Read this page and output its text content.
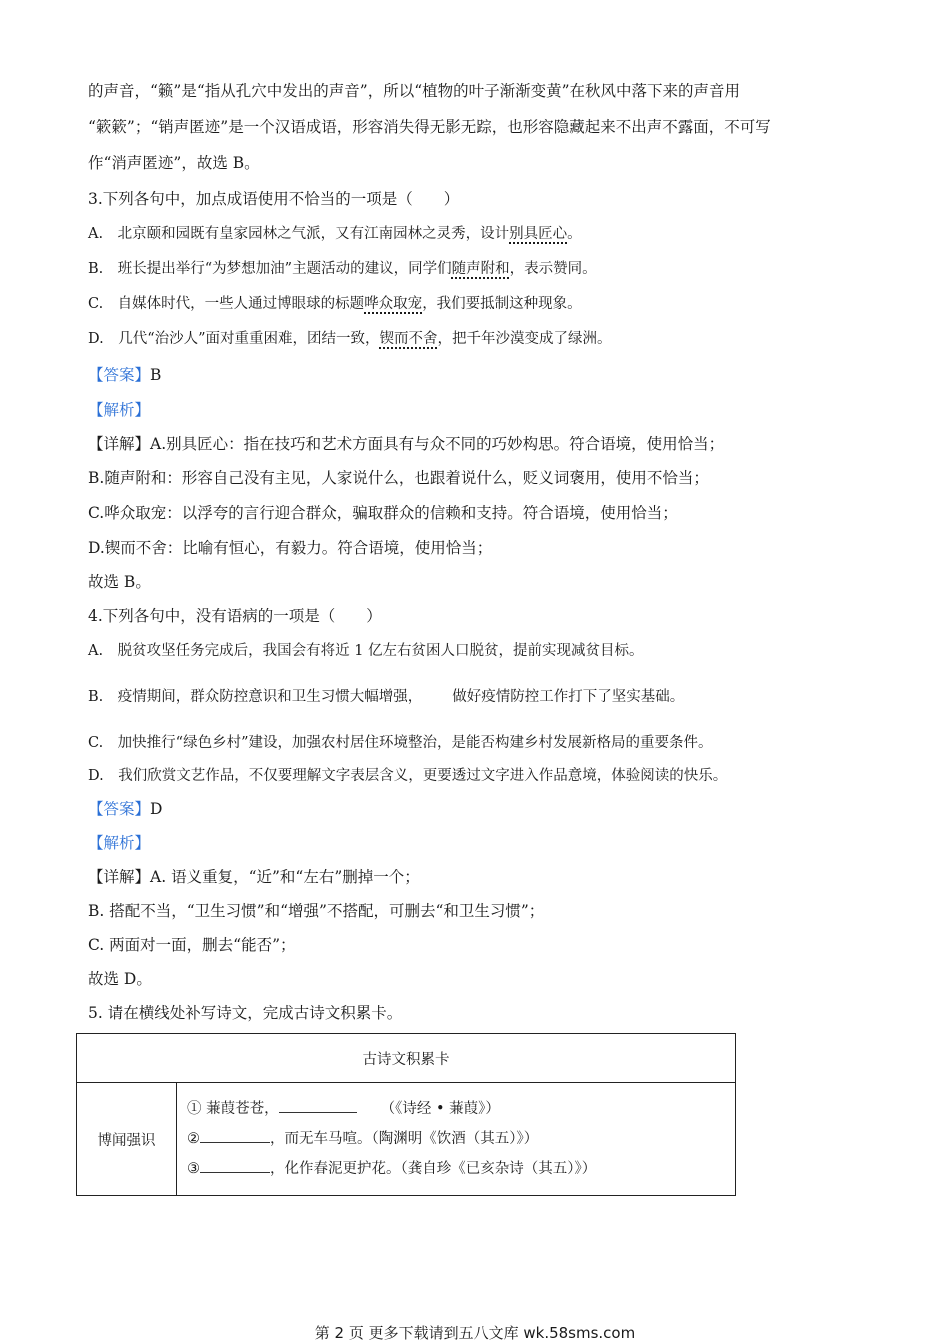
的声音，“籁”是“指从孔穴中发出的声音”，所以“植物的叶子渐渐变黄”在秋风中落下来的声音用
“簌簌”；“销声匿迹”是一个汉语成语，形容消失得无影无踪，也形容隐藏起来不出声不露面，不可写
作“消声匿迹”，故选 B。
3.下列各句中，加点成语使用不恰当的一项是（　　）
A.　北京颐和园既有皇家园林之气派，又有江南园林之灵秀，设计别具匠心。
B.　班长提出举行“为梦想加油”主题活动的建议，同学们随声附和，表示赞同。
C.　自媒体时代，一些人通过博眼球的标题哗众取宠，我们要抵制这种现象。
D.　几代“治沙人”面对重重困难，团结一致，锲而不舍，把千年沙漠变成了绿洲。
【答案】B
【解析】
【详解】A.别具匠心：指在技巧和艺术方面具有与众不同的巧妙构思。符合语境，使用恰当；
B.随声附和：形容自己没有主见，人家说什么，也跟着说什么，贬义词褒用，使用不恰当；
C.哗众取宠：以浮夸的言行迎合群众，骗取群众的信赖和支持。符合语境，使用恰当；
D.锲而不舍：比喻有恒心，有毅力。符合语境，使用恰当；
故选 B。
4.下列各句中，没有语病的一项是（　　）
A.　脱贫攻坚任务完成后，我国会有将近 1 亿左右贫困人口脱贫，提前实现减贫目标。
B.　疫情期间，群众防控意识和卫生习惯大幅增强， 做好疫情防控工作打下了坚实基础。
C.　加快推行“绿色乡村”建设，加强农村居住环境整治，是能否构建乡村发展新格局的重要条件。
D.　我们欣赏文艺作品，不仅要理解文字表层含义，更要透过文字进入作品意境，体验阅读的快乐。
【答案】D
【解析】
【详解】A. 语义重复，“近”和“左右”删掉一个；
B. 搭配不当，“卫生习惯”和“增强”不搭配，可删去“和卫生习惯”；
C. 两面对一面，删去“能否”；
故选 D。
5. 请在横线处补写诗文，完成古诗文积累卡。
古诗文积累卡
博闻强识	
① 蒹葭苍苍，	（《诗经 • 蒹葭》）
②	，而无车马喧。（陶渊明《饮酒（其五）》）
③	，化作春泥更护花。（龚自珍《已亥杂诗（其五）》）
第 2 页 更多下载请到五八文库 wk.58sms.com
